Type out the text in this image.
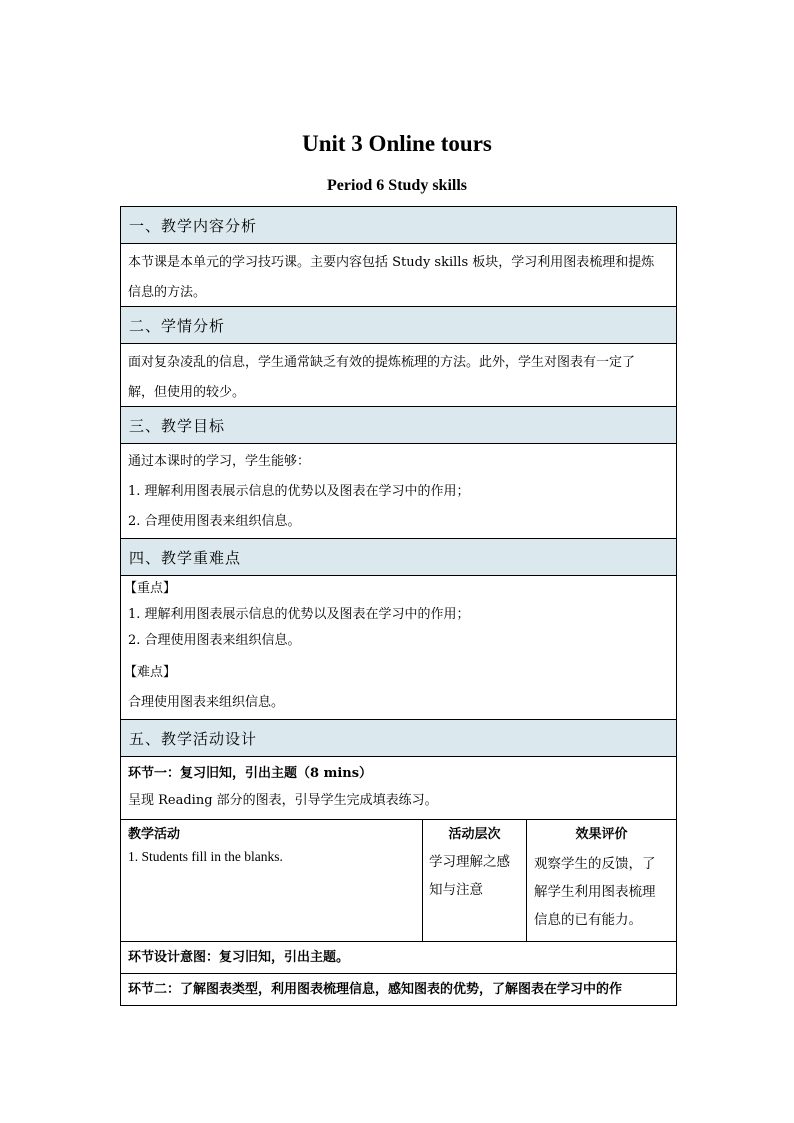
Unit 3 Online tours
Period 6 Study skills
一、教学内容分析
本节课是本单元的学习技巧课。主要内容包括 Study skills 板块，学习利用图表梳理和提炼
信息的方法。
二、学情分析
面对复杂凌乱的信息，学生通常缺乏有效的提炼梳理的方法。此外，学生对图表有一定了
解，但使用的较少。
三、教学目标
通过本课时的学习，学生能够：
1. 理解利用图表展示信息的优势以及图表在学习中的作用；
2. 合理使用图表来组织信息。
四、教学重难点
【重点】
1. 理解利用图表展示信息的优势以及图表在学习中的作用；
2. 合理使用图表来组织信息。
【难点】
合理使用图表来组织信息。
五、教学活动设计
环节一：复习旧知，引出主题（8 mins）
呈现 Reading 部分的图表，引导学生完成填表练习。
教学活动
1. Students fill in the blanks.
活动层次
学习理解之感
知与注意
效果评价
观察学生的反馈，了
解学生利用图表梳理
信息的已有能力。
环节设计意图：复习旧知，引出主题。
环节二：了解图表类型，利用图表梳理信息，感知图表的优势，了解图表在学习中的作
